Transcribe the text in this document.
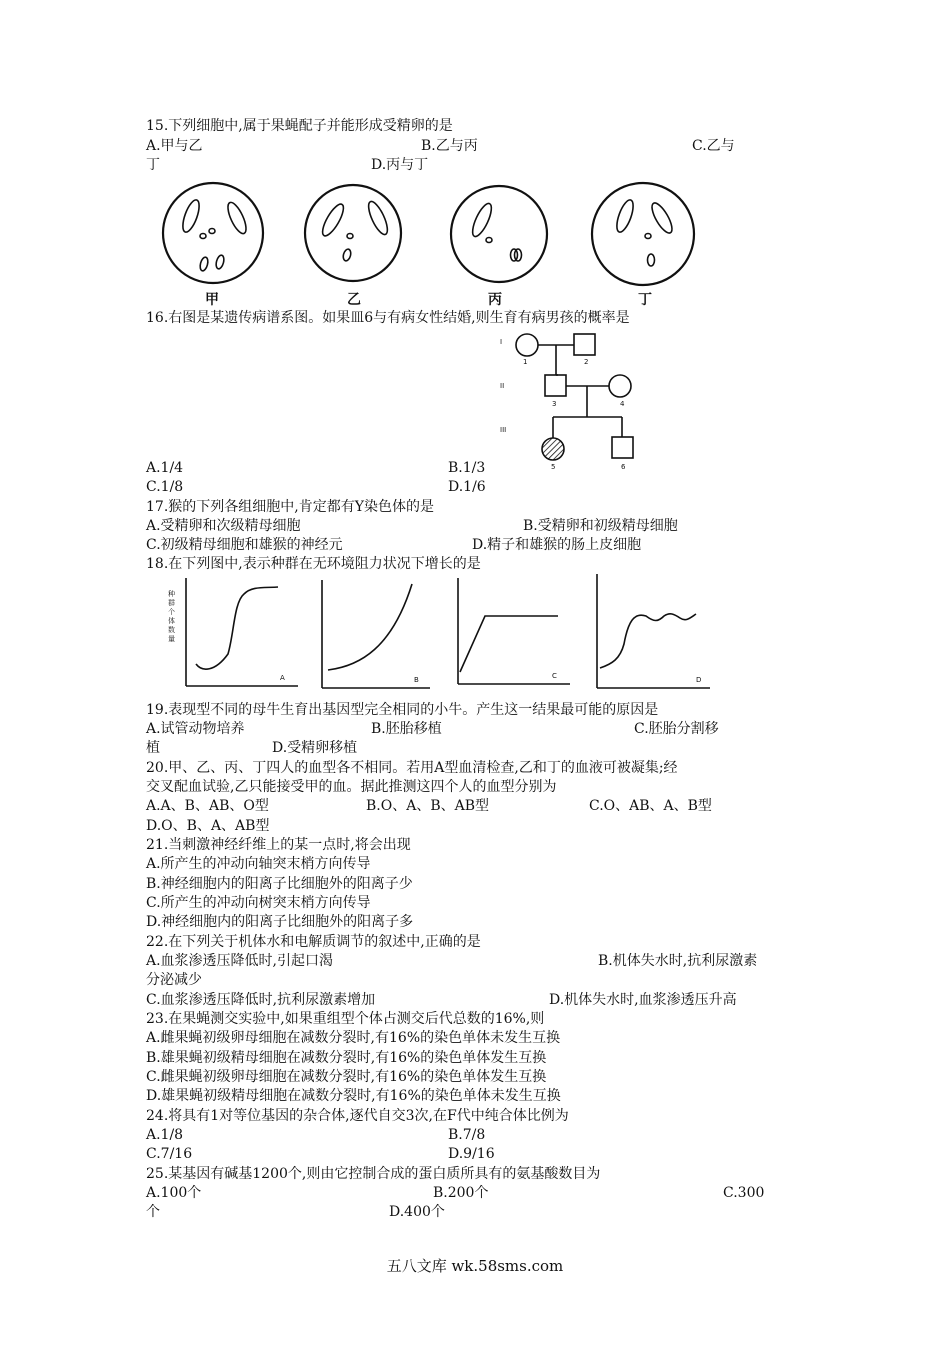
15.下列细胞中,属于果蝇配子并能形成受精卵的是
A.甲与乙	B.乙与丙	C.乙与
丁	D.丙与丁
甲	乙	丙	丁
16.右图是某遗传病谱系图。如果皿6与有病女性结婚,则生育有病男孩的概率是
I
II
III
1	2
3	4
5	6
A.1/4	B.1/3
C.1/8	D.1/6
17.猴的下列各组细胞中,肯定都有Y染色体的是
A.受精卵和次级精母细胞	B.受精卵和初级精母细胞
C.初级精母细胞和雄猴的神经元	D.精子和雄猴的肠上皮细胞
18.在下列图中,表示种群在无环境阻力状况下增长的是
种群个体数量
A	B	C	D
19.表现型不同的母牛生育出基因型完全相同的小牛。产生这一结果最可能的原因是
A.试管动物培养	B.胚胎移植	C.胚胎分割移
植	D.受精卵移植
20.甲、乙、丙、丁四人的血型各不相同。若用A型血清检查,乙和丁的血液可被凝集;经
交叉配血试验,乙只能接受甲的血。据此推测这四个人的血型分别为
A.A、B、AB、O型	B.O、A、B、AB型	C.O、AB、A、B型
D.O、B、A、AB型
21.当刺激神经纤维上的某一点时,将会出现
A.所产生的冲动向轴突末梢方向传导
B.神经细胞内的阳离子比细胞外的阳离子少
C.所产生的冲动向树突末梢方向传导
D.神经细胞内的阳离子比细胞外的阳离子多
22.在下列关于机体水和电解质调节的叙述中,正确的是
A.血浆渗透压降低时,引起口渴	B.机体失水时,抗利尿激素
分泌减少
C.血浆渗透压降低时,抗利尿激素增加	D.机体失水时,血浆渗透压升高
23.在果蝇测交实验中,如果重组型个体占测交后代总数的16%,则
A.雌果蝇初级卵母细胞在减数分裂时,有16%的染色单体未发生互换
B.雄果蝇初级精母细胞在减数分裂时,有16%的染色单体发生互换
C.雌果蝇初级卵母细胞在减数分裂时,有16%的染色单体发生互换
D.雄果蝇初级精母细胞在减数分裂时,有16%的染色单体未发生互换
24.将具有1对等位基因的杂合体,逐代自交3次,在F代中纯合体比例为
A.1/8	B.7/8
C.7/16	D.9/16
25.某基因有碱基1200个,则由它控制合成的蛋白质所具有的氨基酸数目为
A.100个	B.200个	C.300
个	D.400个
五八文库 wk.58sms.com
